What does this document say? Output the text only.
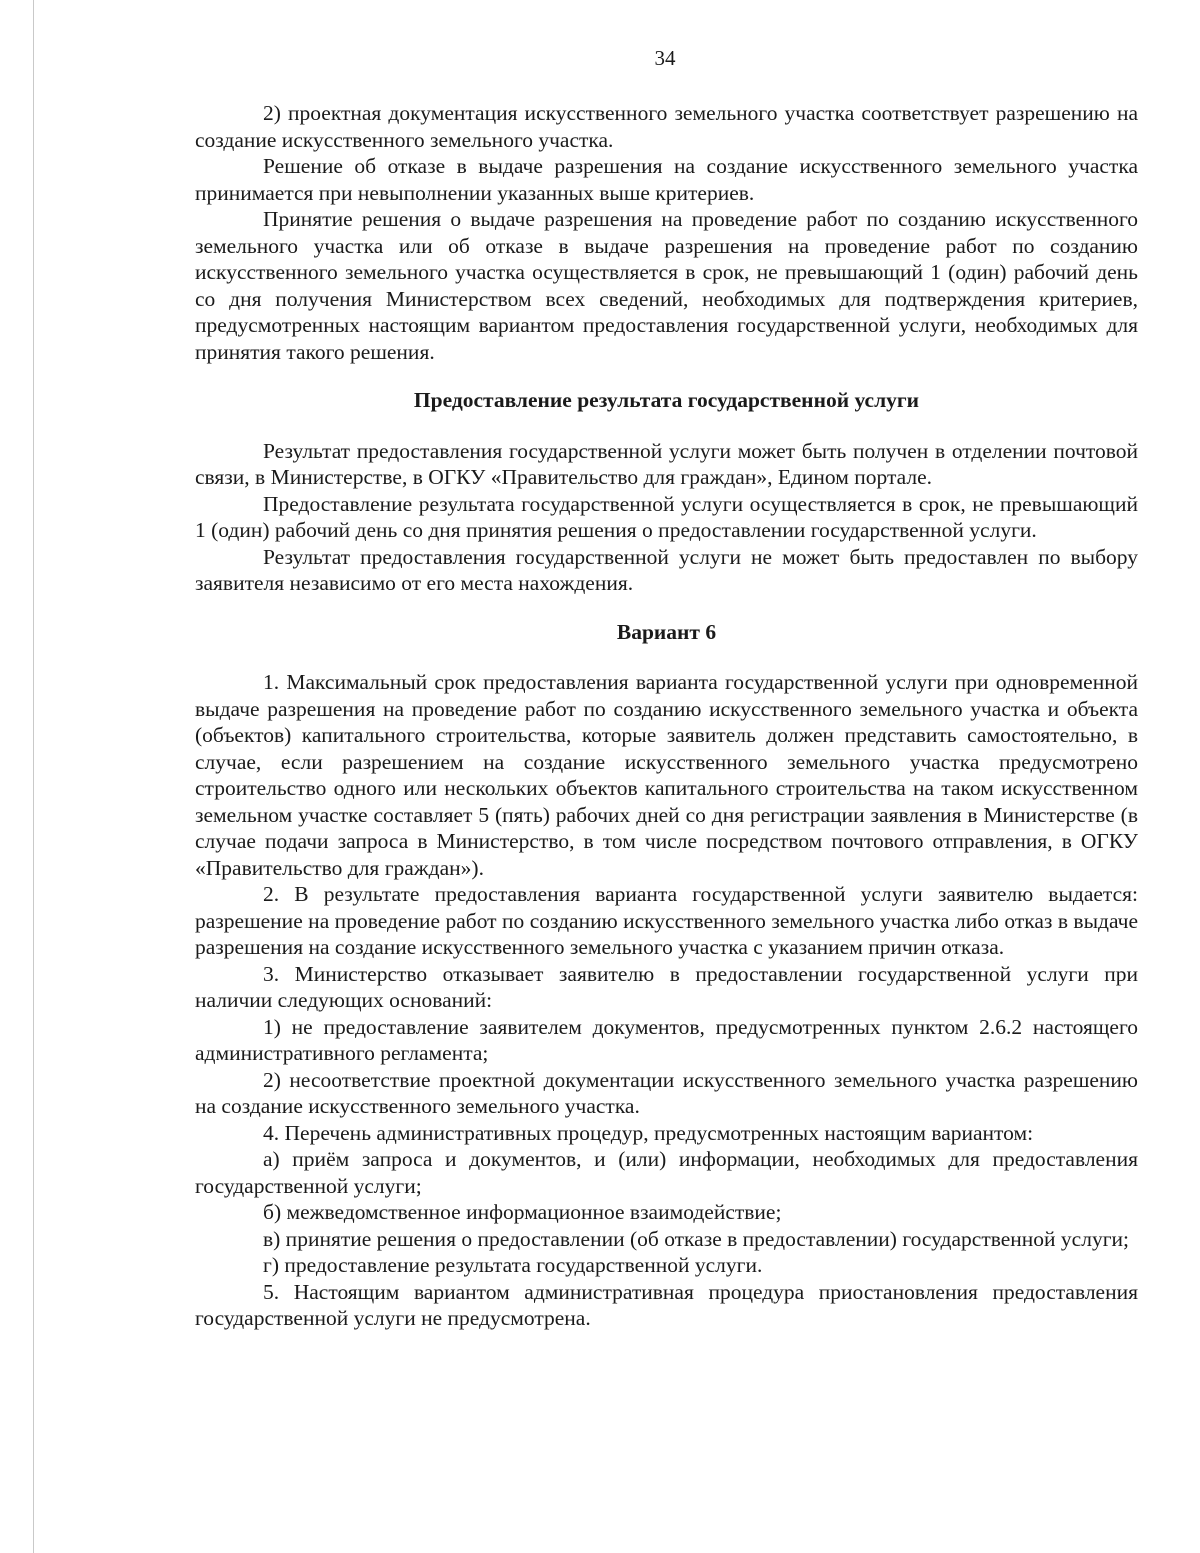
34

2) проектная документация искусственного земельного участка соответствует разрешению на создание искусственного земельного участка.

Решение об отказе в выдаче разрешения на создание искусственного земельного участка принимается при невыполнении указанных выше критериев.

Принятие решения о выдаче разрешения на проведение работ по созданию искусственного земельного участка или об отказе в выдаче разрешения на проведение работ по созданию искусственного земельного участка осуществляется в срок, не превышающий 1 (один) рабочий день со дня получения Министерством всех сведений, необходимых для подтверждения критериев, предусмотренных настоящим вариантом предоставления государственной услуги, необходимых для принятия такого решения.

Предоставление результата государственной услуги

Результат предоставления государственной услуги может быть получен в отделении почтовой связи, в Министерстве, в ОГКУ «Правительство для граждан», Едином портале.

Предоставление результата государственной услуги осуществляется в срок, не превышающий 1 (один) рабочий день со дня принятия решения о предоставлении государственной услуги.

Результат предоставления государственной услуги не может быть предоставлен по выбору заявителя независимо от его места нахождения.

Вариант 6

1. Максимальный срок предоставления варианта государственной услуги при одновременной выдаче разрешения на проведение работ по созданию искусственного земельного участка и объекта (объектов) капитального строительства, которые заявитель должен представить самостоятельно, в случае, если разрешением на создание искусственного земельного участка предусмотрено строительство одного или нескольких объектов капитального строительства на таком искусственном земельном участке составляет 5 (пять) рабочих дней со дня регистрации заявления в Министерстве (в случае подачи запроса в Министерство, в том числе посредством почтового отправления, в ОГКУ «Правительство для граждан»).

2. В результате предоставления варианта государственной услуги заявителю выдается: разрешение на проведение работ по созданию искусственного земельного участка либо отказ в выдаче разрешения на создание искусственного земельного участка с указанием причин отказа.

3. Министерство отказывает заявителю в предоставлении государственной услуги при наличии следующих оснований:

1) не предоставление заявителем документов, предусмотренных пунктом 2.6.2 настоящего административного регламента;

2) несоответствие проектной документации искусственного земельного участка разрешению на создание искусственного земельного участка.

4. Перечень административных процедур, предусмотренных настоящим вариантом:

а) приём запроса и документов, и (или) информации, необходимых для предоставления государственной услуги;

б) межведомственное информационное взаимодействие;

в) принятие решения о предоставлении (об отказе в предоставлении) государственной услуги;

г) предоставление результата государственной услуги.

5. Настоящим вариантом административная процедура приостановления предоставления государственной услуги не предусмотрена.
